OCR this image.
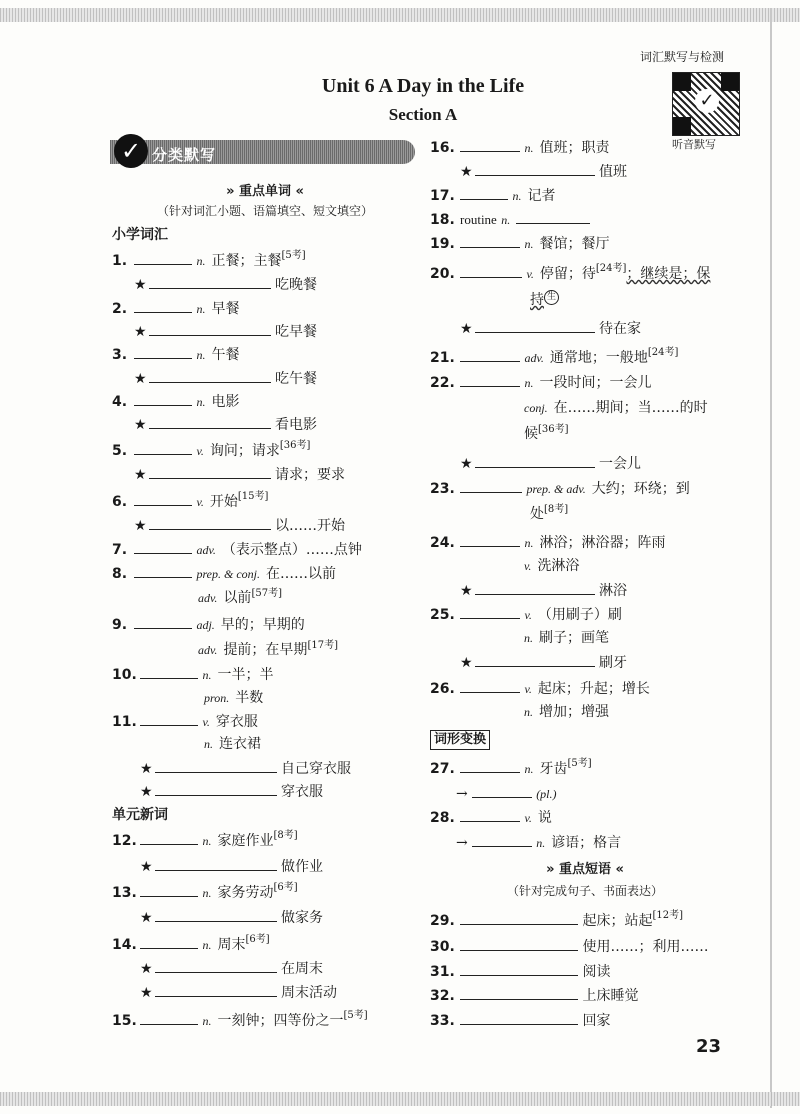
词汇默写与检测
Unit 6 A Day in the Life
Section A
✓
听音默写
✓ 分类默写
» 重点单词 «
（针对词汇小题、语篇填空、短文填空）
小学词汇
1.	n. 正餐；主餐[5考]
★	吃晚餐
2.	n. 早餐
★	吃早餐
3.	n. 午餐
★	吃午餐
4.	n. 电影
★	看电影
5.	v. 询问；请求[36考]
★	请求；要求
6.	v. 开始[15考]
★	以……开始
7.	adv. （表示整点）……点钟
8.	prep. & conj. 在……以前
adv. 以前[57考]
9.	adj. 早的；早期的
adv. 提前；在早期[17考]
10.	n. 一半；半
pron. 半数
11.	v. 穿衣服
n. 连衣裙
★	自己穿衣服
★	穿衣服
单元新词
12.	n. 家庭作业[8考]
★	做作业
13.	n. 家务劳动[6考]
★	做家务
14.	n. 周末[6考]
★	在周末
★	周末活动
15.	n. 一刻钟；四等份之一[5考]
16.	n. 值班；职责
★	值班
17.	n. 记者
18. routine n.
19.	n. 餐馆；餐厅
20.	v. 停留；待[24考]；继续是；保
持 生
★	待在家
21.	adv. 通常地；一般地[24考]
22.	n. 一段时间；一会儿
conj. 在……期间；当……的时
候[36考]
★	一会儿
23.	prep. & adv. 大约；环绕；到
处[8考]
24.	n. 淋浴；淋浴器；阵雨
v. 洗淋浴
★	淋浴
25.	v. （用刷子）刷
n. 刷子；画笔
★	刷牙
26.	v. 起床；升起；增长
n. 增加；增强
词形变换
27.	n. 牙齿[5考]
→	(pl.)
28.	v. 说
→	n. 谚语；格言
» 重点短语 «
（针对完成句子、书面表达）
29.	起床；站起[12考]
30.	使用……；利用……
31.	阅读
32.	上床睡觉
33.	回家
23
